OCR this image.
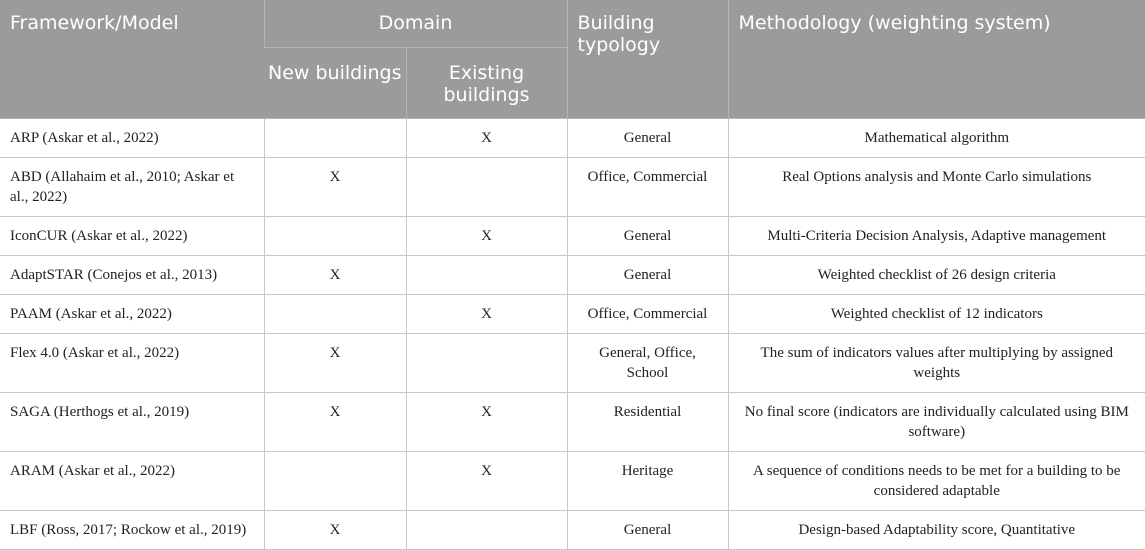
Framework/Model	Domain		Building typology	Methodology (weighting system)
	New buildings	Existing buildings		
ARP (Askar et al., 2022)		X	General	Mathematical algorithm
ABD (Allahaim et al., 2010; Askar et al., 2022)	X		Office, Commercial	Real Options analysis and Monte Carlo simulations
IconCUR (Askar et al., 2022)		X	General	Multi-Criteria Decision Analysis, Adaptive management
AdaptSTAR (Conejos et al., 2013)	X		General	Weighted checklist of 26 design criteria
PAAM (Askar et al., 2022)		X	Office, Commercial	Weighted checklist of 12 indicators
Flex 4.0 (Askar et al., 2022)	X		General, Office, School	The sum of indicators values after multiplying by assigned weights
SAGA (Herthogs et al., 2019)	X	X	Residential	No final score (indicators are individually calculated using BIM software)
ARAM (Askar et al., 2022)		X	Heritage	A sequence of conditions needs to be met for a building to be considered adaptable
LBF (Ross, 2017; Rockow et al., 2019)	X		General	Design-based Adaptability score, Quantitative
